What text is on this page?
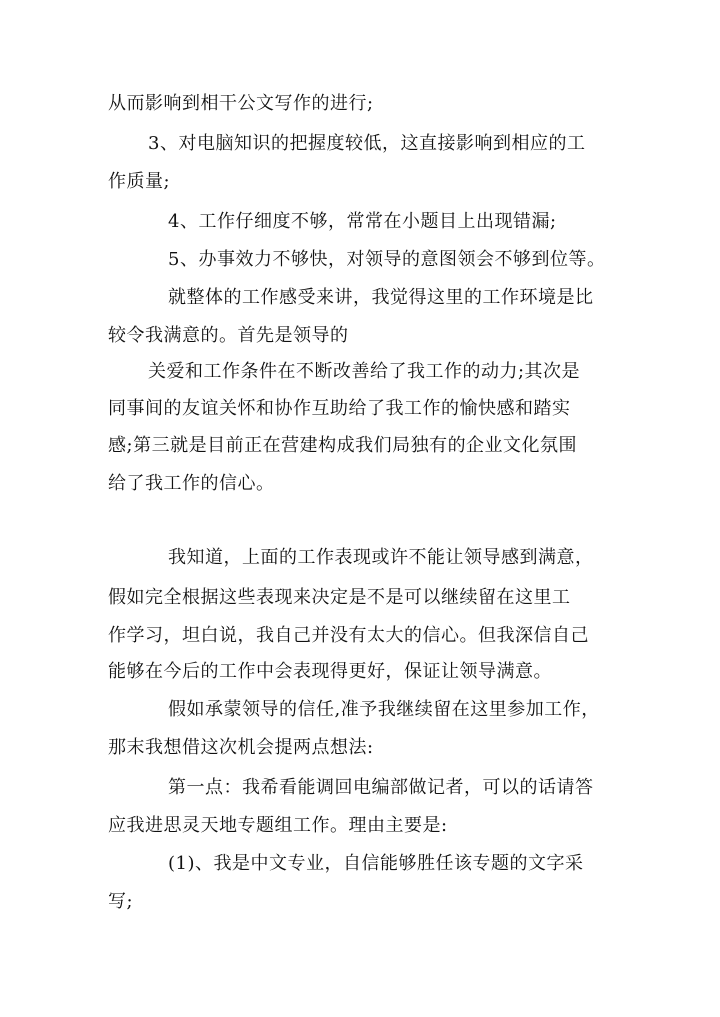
从而影响到相干公文写作的进行;
3、对电脑知识的把握度较低，这直接影响到相应的工
作质量;
4、工作仔细度不够，常常在小题目上出现错漏;
5、办事效力不够快，对领导的意图领会不够到位等。
就整体的工作感受来讲，我觉得这里的工作环境是比
较令我满意的。首先是领导的
关爱和工作条件在不断改善给了我工作的动力;其次是
同事间的友谊关怀和协作互助给了我工作的愉快感和踏实
感;第三就是目前正在营建构成我们局独有的企业文化氛围
给了我工作的信心。
我知道，上面的工作表现或许不能让领导感到满意，
假如完全根据这些表现来决定是不是可以继续留在这里工
作学习，坦白说，我自己并没有太大的信心。但我深信自己
能够在今后的工作中会表现得更好，保证让领导满意。
假如承蒙领导的信任,准予我继续留在这里参加工作，
那末我想借这次机会提两点想法:
第一点：我希看能调回电编部做记者，可以的话请答
应我进思灵天地专题组工作。理由主要是:
(1)、我是中文专业，自信能够胜任该专题的文字采
写;
